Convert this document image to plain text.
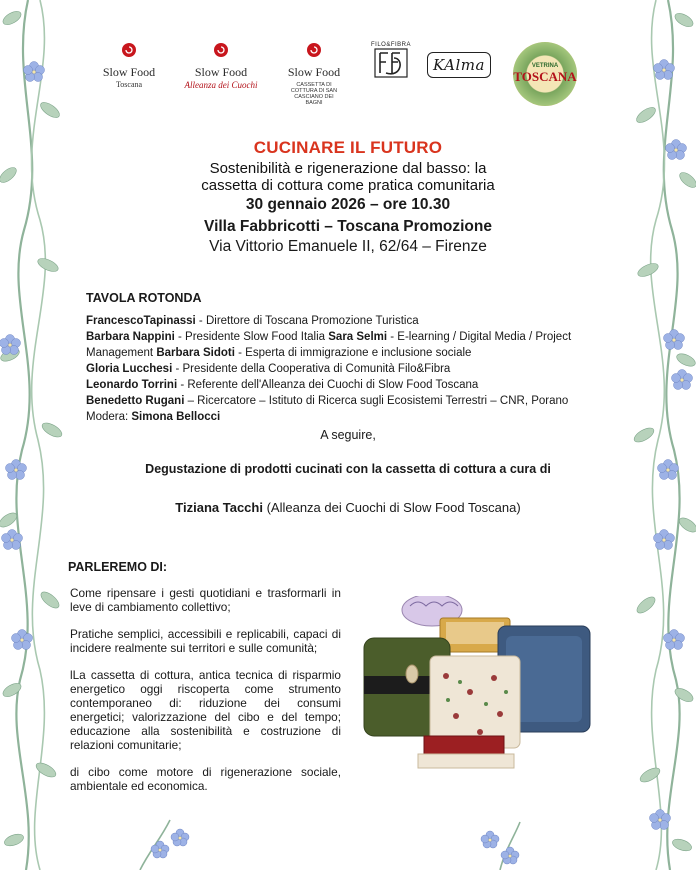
Slow Food
Toscana
Slow Food
Alleanza dei Cuochi
Slow Food
CASSETTA DI COTTURA DI SAN CASCIANO DEI BAGNI
FILO&FIBRA
KAlma	VETRINA
TOSCANA
CUCINARE IL FUTURO
Sostenibilità e rigenerazione dal basso: la
cassetta di cottura come pratica comunitaria
30 gennaio 2026 – ore 10.30
Villa Fabbricotti – Toscana Promozione
Via Vittorio Emanuele II, 62/64 – Firenze
TAVOLA ROTONDA
FrancescoTapinassi - Direttore di Toscana Promozione Turistica
Barbara Nappini - Presidente Slow Food Italia Sara Selmi - E-learning / Digital Media / Project Management Barbara Sidoti - Esperta di immigrazione e inclusione sociale
Gloria Lucchesi - Presidente della Cooperativa di Comunità Filo&Fibra
Leonardo Torrini - Referente dell'Alleanza dei Cuochi di Slow Food Toscana
Benedetto Rugani – Ricercatore – Istituto di Ricerca sugli Ecosistemi Terrestri – CNR, Porano
Modera: Simona Bellocci
A seguire,
Degustazione di prodotti cucinati con la cassetta di cottura a cura di
Tiziana Tacchi (Alleanza dei Cuochi di Slow Food Toscana)
PARLEREMO DI:

Come ripensare i gesti quotidiani e trasformarli in leve di cambiamento collettivo;

Pratiche semplici, accessibili e replicabili, capaci di incidere realmente sui territori e sulle comunità;

lLa cassetta di cottura, antica tecnica di risparmio energetico oggi riscoperta come strumento contemporaneo di: riduzione dei consumi energetici; valorizzazione del cibo e del tempo; educazione alla sostenibilità e costruzione di relazioni comunitarie;

di cibo come motore di rigenerazione sociale, ambientale ed economica.
